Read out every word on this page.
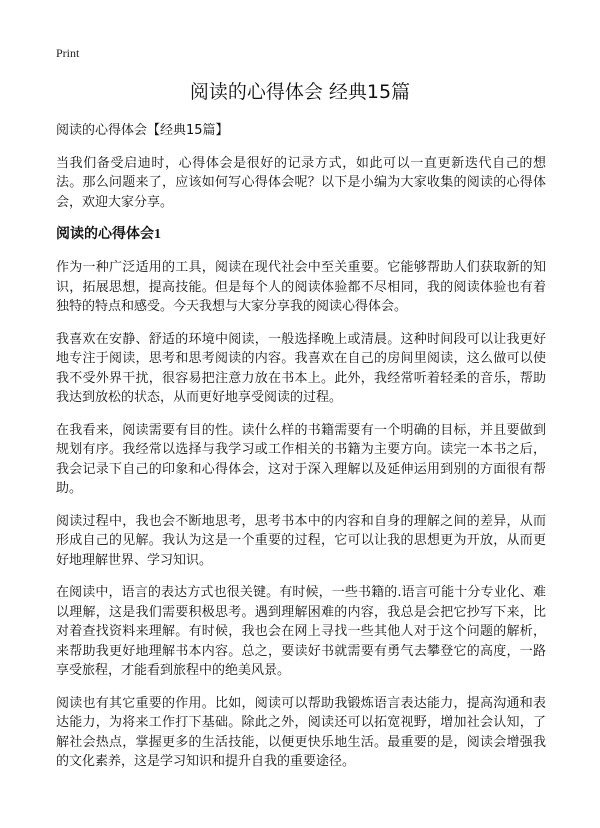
Print
阅读的心得体会 经典15篇

阅读的心得体会【经典15篇】

当我们备受启迪时，心得体会是很好的记录方式，如此可以一直更新迭代自己的想法。那么问题来了，应该如何写心得体会呢？以下是小编为大家收集的阅读的心得体会，欢迎大家分享。

阅读的心得体会1

作为一种广泛适用的工具，阅读在现代社会中至关重要。它能够帮助人们获取新的知识，拓展思想，提高技能。但是每个人的阅读体验都不尽相同，我的阅读体验也有着独特的特点和感受。今天我想与大家分享我的阅读心得体会。

我喜欢在安静、舒适的环境中阅读，一般选择晚上或清晨。这种时间段可以让我更好地专注于阅读，思考和思考阅读的内容。我喜欢在自己的房间里阅读，这么做可以使我不受外界干扰，很容易把注意力放在书本上。此外，我经常听着轻柔的音乐，帮助我达到放松的状态，从而更好地享受阅读的过程。

在我看来，阅读需要有目的性。读什么样的书籍需要有一个明确的目标，并且要做到规划有序。我经常以选择与我学习或工作相关的书籍为主要方向。读完一本书之后，我会记录下自己的印象和心得体会，这对于深入理解以及延伸运用到别的方面很有帮助。

阅读过程中，我也会不断地思考，思考书本中的内容和自身的理解之间的差异，从而形成自己的见解。我认为这是一个重要的过程，它可以让我的思想更为开放，从而更好地理解世界、学习知识。

在阅读中，语言的表达方式也很关键。有时候，一些书籍的.语言可能十分专业化、难以理解，这是我们需要积极思考。遇到理解困难的内容，我总是会把它抄写下来，比对着查找资料来理解。有时候，我也会在网上寻找一些其他人对于这个问题的解析，来帮助我更好地理解书本内容。总之，要读好书就需要有勇气去攀登它的高度，一路享受旅程，才能看到旅程中的绝美风景。

阅读也有其它重要的作用。比如，阅读可以帮助我锻炼语言表达能力，提高沟通和表达能力，为将来工作打下基础。除此之外，阅读还可以拓宽视野，增加社会认知，了解社会热点，掌握更多的生活技能，以便更快乐地生活。最重要的是，阅读会增强我的文化素养，这是学习知识和提升自我的重要途径。
